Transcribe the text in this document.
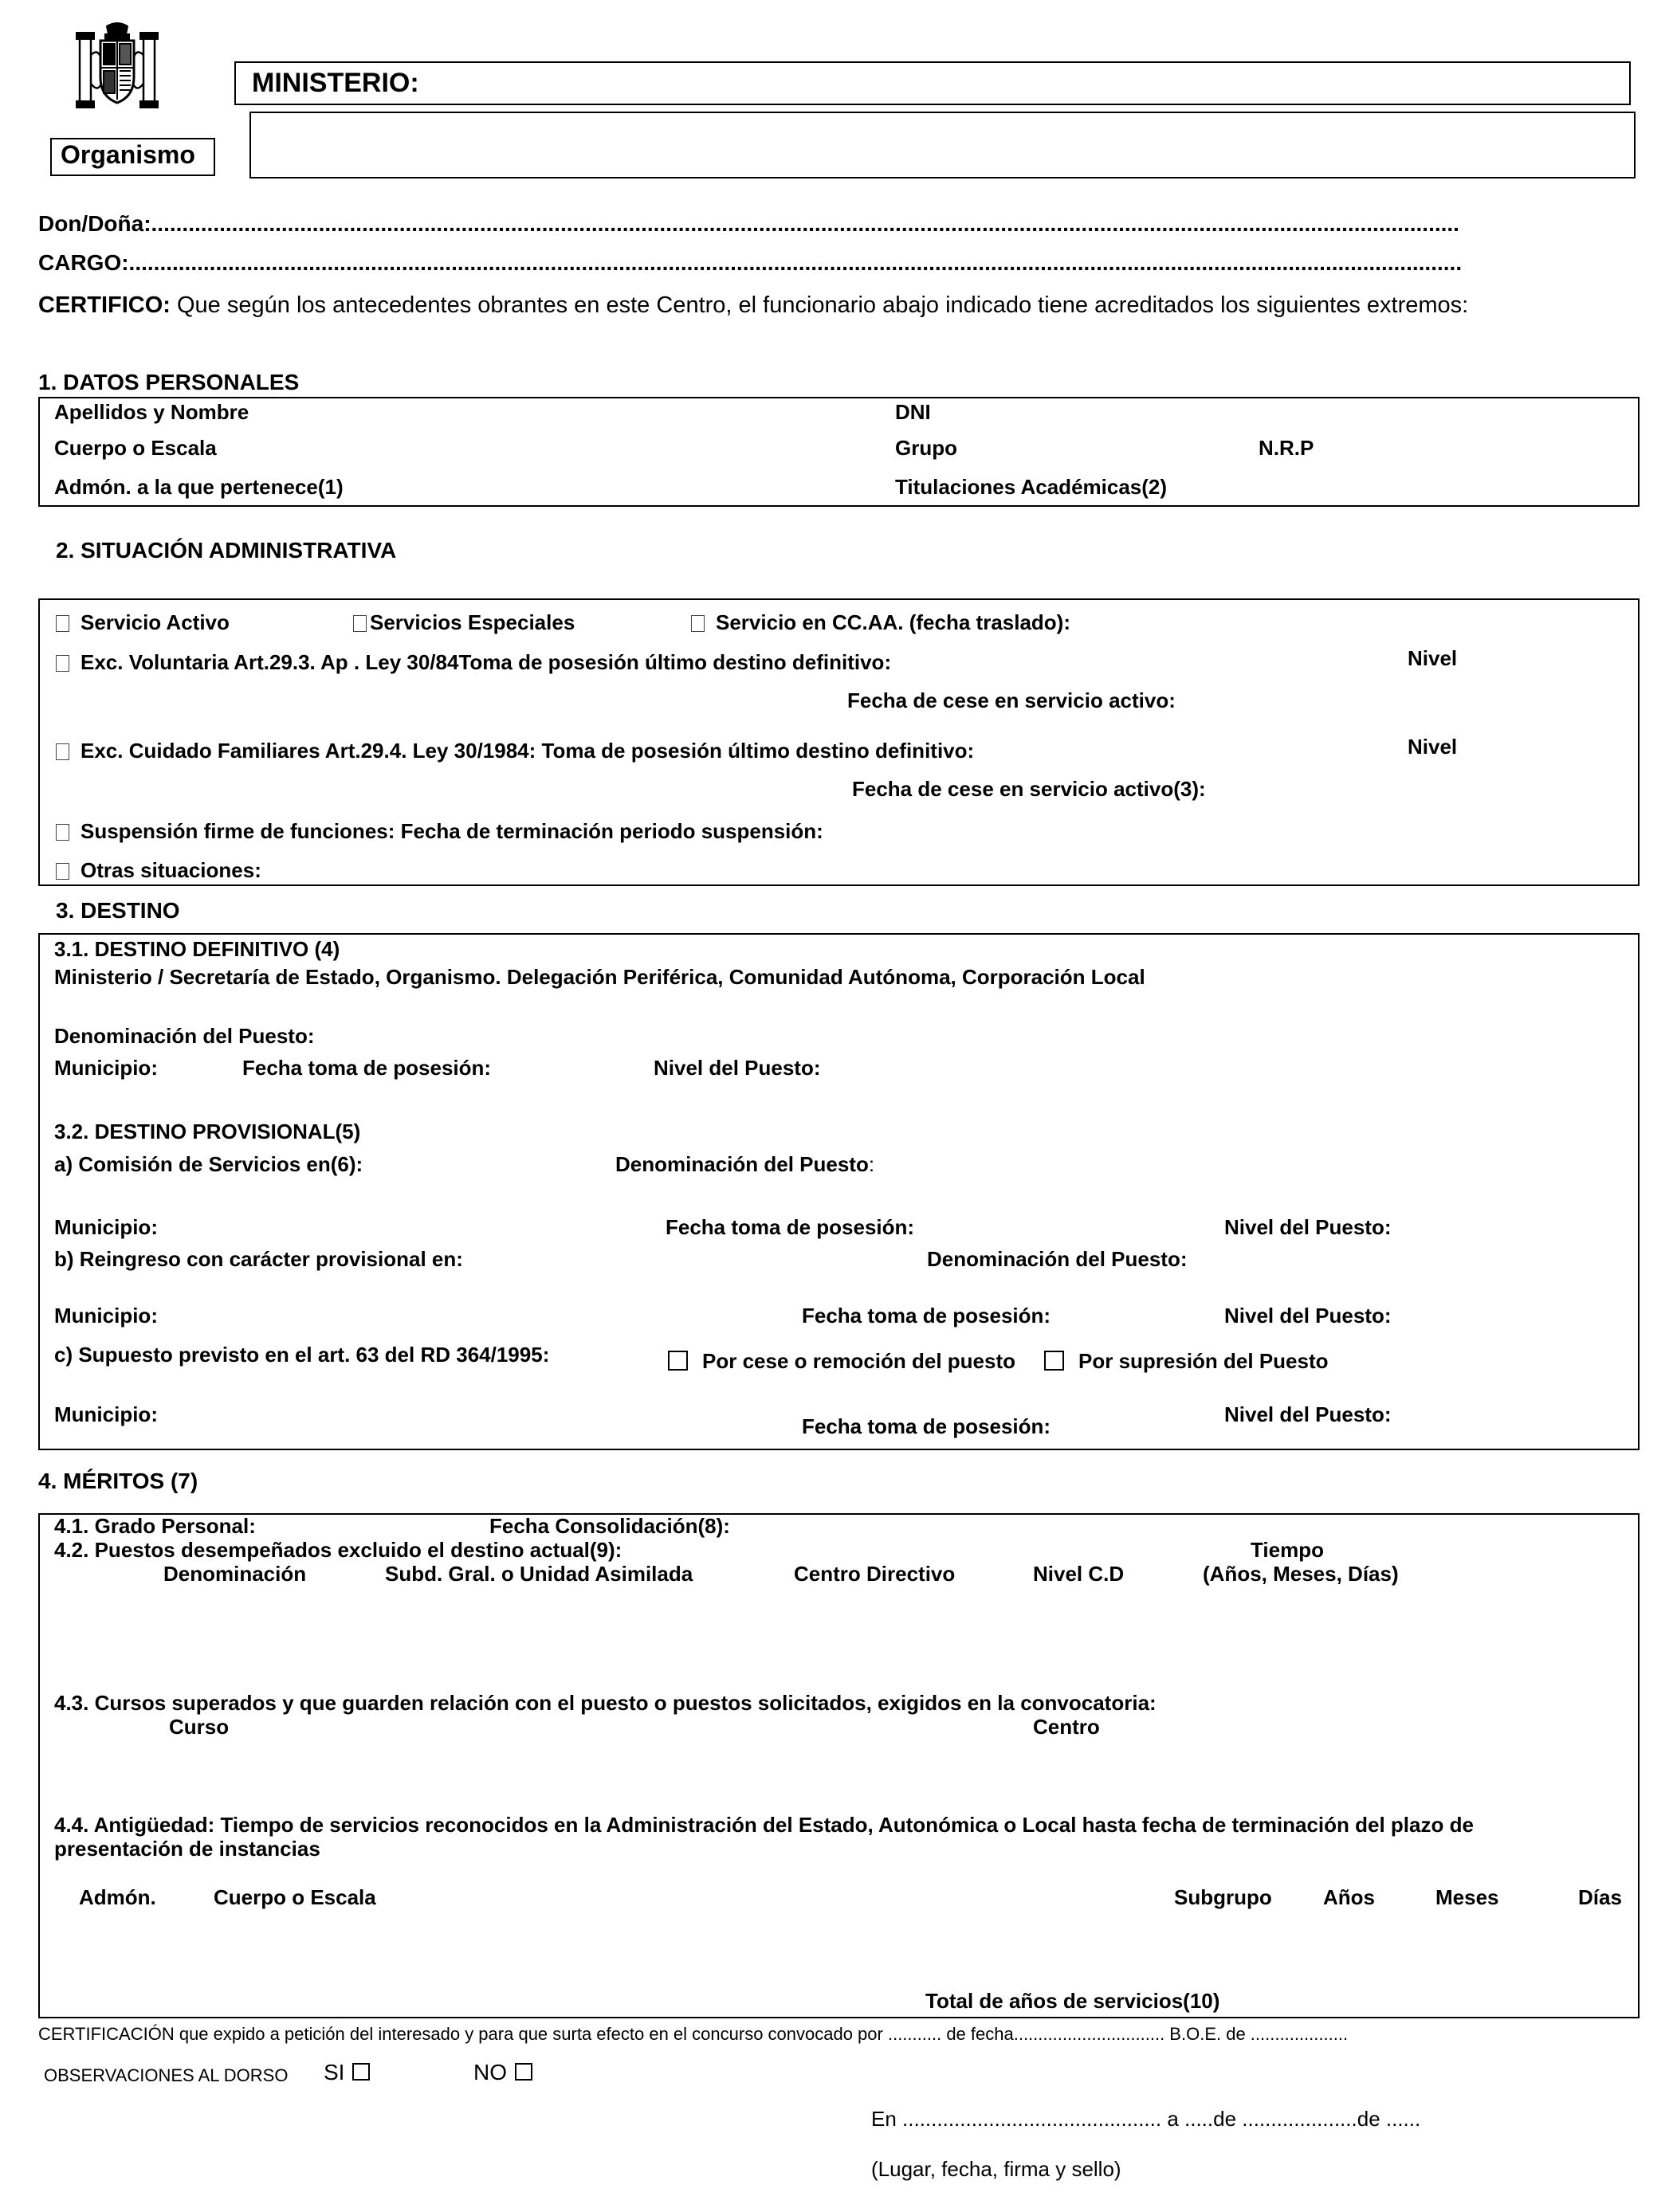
MINISTERIO:
Organismo
Don/Doña:...................................................................................................................................................................................................................
CARGO:.......................................................................................................................................................................................................................
CERTIFICO: Que según los antecedentes obrantes en este Centro, el funcionario abajo indicado tiene acreditados los siguientes extremos:
1. DATOS PERSONALES
Apellidos y Nombre	DNI
Cuerpo o Escala	Grupo	N.R.P
Admón. a la que pertenece(1)	Titulaciones Académicas(2)
2. SITUACIÓN ADMINISTRATIVA
Servicio Activo	Servicios Especiales	Servicio en CC.AA. (fecha traslado):
Exc. Voluntaria Art.29.3. Ap . Ley 30/84Toma de posesión último destino definitivo:	Nivel
Fecha de cese en servicio activo:
Exc. Cuidado Familiares Art.29.4. Ley 30/1984: Toma de posesión último destino definitivo:	Nivel
Fecha de cese en servicio activo(3):
Suspensión firme de funciones: Fecha de terminación periodo suspensión:
Otras situaciones:
3. DESTINO
3.1. DESTINO DEFINITIVO (4)
Ministerio / Secretaría de Estado, Organismo. Delegación Periférica, Comunidad Autónoma, Corporación Local
Denominación del Puesto:
Municipio:	Fecha toma de posesión:	Nivel del Puesto:
3.2. DESTINO PROVISIONAL(5)
a) Comisión de Servicios en(6):	Denominación del Puesto:
Municipio:	Fecha toma de posesión:	Nivel del Puesto:
b) Reingreso con carácter provisional en:	Denominación del Puesto:
Municipio:	Fecha toma de posesión:	Nivel del Puesto:
c) Supuesto previsto en el art. 63 del RD 364/1995:	Por cese o remoción del puesto	Por supresión del Puesto
Municipio:	Fecha toma de posesión:	Nivel del Puesto:
4. MÉRITOS (7)
4.1. Grado Personal:	Fecha Consolidación(8):
4.2. Puestos desempeñados excluido el destino actual(9):	Tiempo
Denominación	Subd. Gral. o Unidad Asimilada	Centro Directivo	Nivel C.D	(Años, Meses, Días)
4.3. Cursos superados y que guarden relación con el puesto o puestos solicitados, exigidos en la convocatoria:
Curso	Centro
4.4. Antigüedad: Tiempo de servicios reconocidos en la Administración del Estado, Autonómica o Local hasta fecha de terminación del plazo de
presentación de instancias
Admón.	Cuerpo o Escala	Subgrupo Años	Meses	Días
Total de años de servicios(10)
CERTIFICACIÓN que expido a petición del interesado y para que surta efecto en el concurso convocado por ........... de fecha............................... B.O.E. de ....................
OBSERVACIONES AL DORSO SI	NO
En ............................................. a .....de ....................de ......
(Lugar, fecha, firma y sello)
